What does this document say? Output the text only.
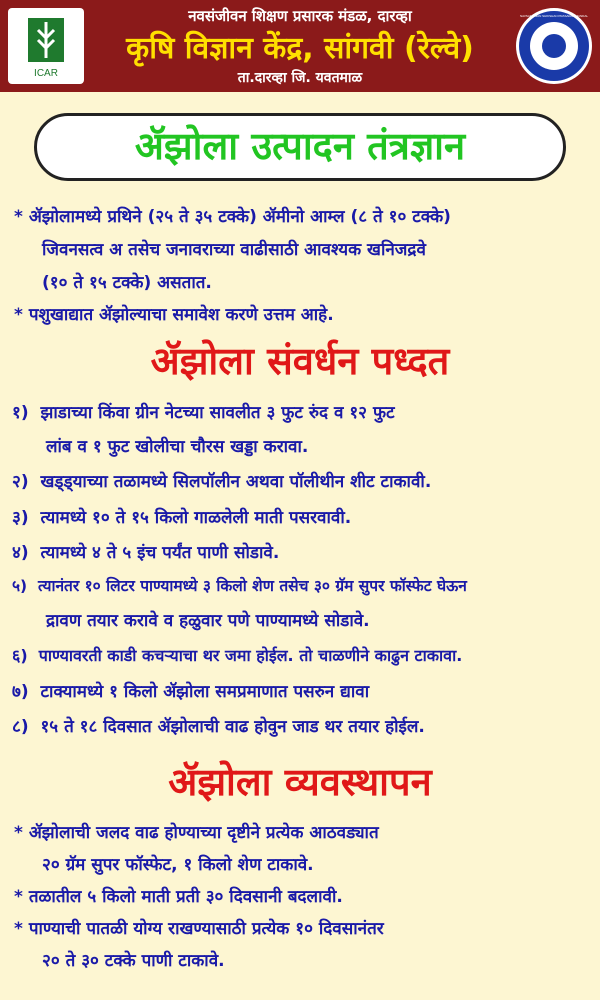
ICAR
नवसंजीवन शिक्षण प्रसारक मंडळ, दारव्हा
कृषि विज्ञान केंद्र, सांगवी (रेल्वे)
ता.दारव्हा जि. यवतमाळ
NAVSANJIWAN SHIKSHAN PRASARAK MANDAL
ॲझोला उत्पादन तंत्रज्ञान
* ॲझोलामध्ये प्रथिने (२५ ते ३५ टक्के) ॲमीनो आम्ल (८ ते १० टक्के)
जिवनसत्व अ तसेच जनावराच्या वाढीसाठी आवश्यक खनिजद्रवे
(१० ते १५ टक्के) असतात.
* पशुखाद्यात ॲझोल्याचा समावेश करणे उत्तम आहे.
ॲझोला संवर्धन पध्दत
१) झाडाच्या किंवा ग्रीन नेटच्या सावलीत ३ फुट रुंद व १२ फुट
लांब व १ फुट खोलीचा चौरस खड्डा करावा.
२) खड्ड्याच्या तळामध्ये सिलपॉलीन अथवा पॉलीथीन शीट टाकावी.
३) त्यामध्ये १० ते १५ किलो गाळलेली माती पसरवावी.
४) त्यामध्ये ४ ते ५ इंच पर्यंत पाणी सोडावे.
५) त्यानंतर १० लिटर पाण्यामध्ये ३ किलो शेण तसेच ३० ग्रॅम सुपर फॉस्फेट घेऊन
द्रावण तयार करावे व हळुवार पणे पाण्यामध्ये सोडावे.
६) पाण्यावरती काडी कचऱ्याचा थर जमा होईल. तो चाळणीने काढुन टाकावा.
७) टाक्यामध्ये १ किलो ॲझोला समप्रमाणात पसरुन द्यावा
८) १५ ते १८ दिवसात ॲझोलाची वाढ होवुन जाड थर तयार होईल.
ॲझोला व्यवस्थापन
* ॲझोलाची जलद वाढ होण्याच्या दृष्टीने प्रत्येक आठवड्यात
२० ग्रॅम सुपर फॉस्फेट, १ किलो शेण टाकावे.
* तळातील ५ किलो माती प्रती ३० दिवसानी बदलावी.
* पाण्याची पातळी योग्य राखण्यासाठी प्रत्येक १० दिवसानंतर
२० ते ३० टक्के पाणी टाकावे.
